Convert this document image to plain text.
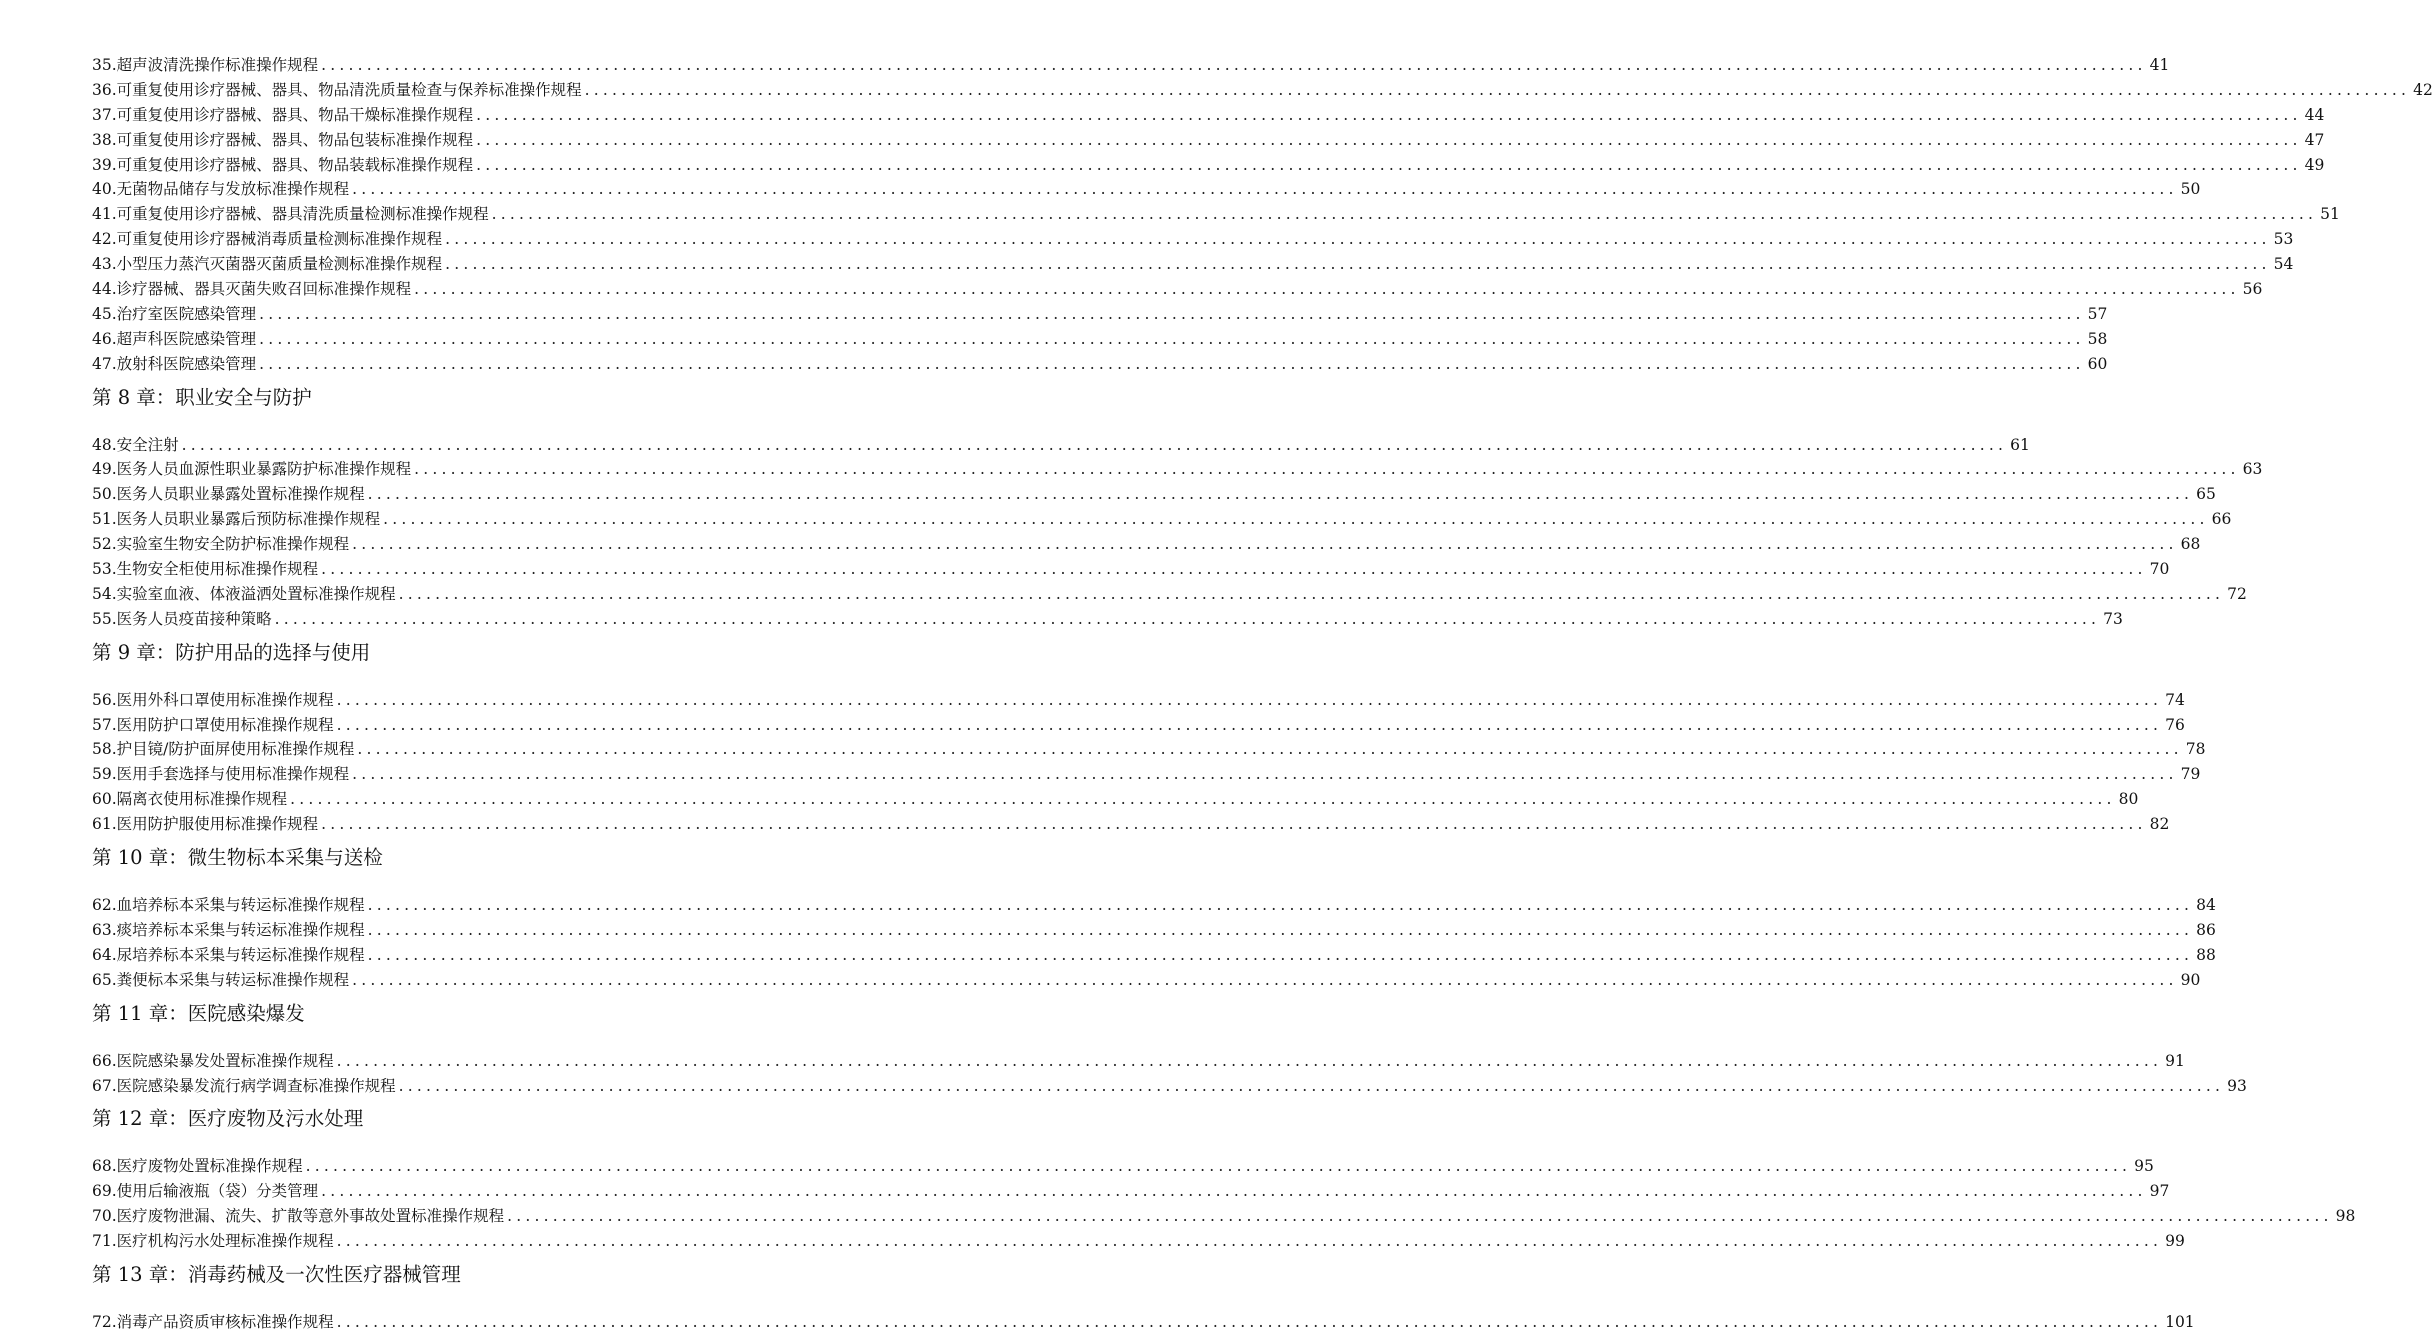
35. 超声波清洗操作标准操作规程 ........................................................................................................................................................................................................ 41
36. 可重复使用诊疗器械、器具、物品清洗质量检查与保养标准操作规程 ........................................................................................................................................................................................................ 42
37. 可重复使用诊疗器械、器具、物品干燥标准操作规程 ........................................................................................................................................................................................................ 44
38. 可重复使用诊疗器械、器具、物品包装标准操作规程 ........................................................................................................................................................................................................ 47
39. 可重复使用诊疗器械、器具、物品装载标准操作规程 ........................................................................................................................................................................................................ 49
40. 无菌物品储存与发放标准操作规程 ........................................................................................................................................................................................................ 50
41. 可重复使用诊疗器械、器具清洗质量检测标准操作规程 ........................................................................................................................................................................................................ 51
42. 可重复使用诊疗器械消毒质量检测标准操作规程 ........................................................................................................................................................................................................ 53
43. 小型压力蒸汽灭菌器灭菌质量检测标准操作规程 ........................................................................................................................................................................................................ 54
44. 诊疗器械、器具灭菌失败召回标准操作规程 ........................................................................................................................................................................................................ 56
45. 治疗室医院感染管理 ........................................................................................................................................................................................................ 57
46. 超声科医院感染管理 ........................................................................................................................................................................................................ 58
47. 放射科医院感染管理 ........................................................................................................................................................................................................ 60
第 8 章：职业安全与防护
48. 安全注射 ........................................................................................................................................................................................................ 61
49. 医务人员血源性职业暴露防护标准操作规程 ........................................................................................................................................................................................................ 63
50. 医务人员职业暴露处置标准操作规程 ........................................................................................................................................................................................................ 65
51. 医务人员职业暴露后预防标准操作规程 ........................................................................................................................................................................................................ 66
52. 实验室生物安全防护标准操作规程 ........................................................................................................................................................................................................ 68
53. 生物安全柜使用标准操作规程 ........................................................................................................................................................................................................ 70
54. 实验室血液、体液溢洒处置标准操作规程 ........................................................................................................................................................................................................ 72
55. 医务人员疫苗接种策略 ........................................................................................................................................................................................................ 73
第 9 章：防护用品的选择与使用
56. 医用外科口罩使用标准操作规程 ........................................................................................................................................................................................................ 74
57. 医用防护口罩使用标准操作规程 ........................................................................................................................................................................................................ 76
58. 护目镜/防护面屏使用标准操作规程 ........................................................................................................................................................................................................ 78
59. 医用手套选择与使用标准操作规程 ........................................................................................................................................................................................................ 79
60. 隔离衣使用标准操作规程 ........................................................................................................................................................................................................ 80
61. 医用防护服使用标准操作规程 ........................................................................................................................................................................................................ 82
第 10 章：微生物标本采集与送检
62. 血培养标本采集与转运标准操作规程 ........................................................................................................................................................................................................ 84
63. 痰培养标本采集与转运标准操作规程 ........................................................................................................................................................................................................ 86
64. 尿培养标本采集与转运标准操作规程 ........................................................................................................................................................................................................ 88
65. 粪便标本采集与转运标准操作规程 ........................................................................................................................................................................................................ 90
第 11 章：医院感染爆发
66. 医院感染暴发处置标准操作规程 ........................................................................................................................................................................................................ 91
67. 医院感染暴发流行病学调查标准操作规程 ........................................................................................................................................................................................................ 93
第 12 章：医疗废物及污水处理
68. 医疗废物处置标准操作规程 ........................................................................................................................................................................................................ 95
69. 使用后输液瓶（袋）分类管理 ........................................................................................................................................................................................................ 97
70. 医疗废物泄漏、流失、扩散等意外事故处置标准操作规程 ........................................................................................................................................................................................................ 98
71. 医疗机构污水处理标准操作规程 ........................................................................................................................................................................................................ 99
第 13 章：消毒药械及一次性医疗器械管理
72. 消毒产品资质审核标准操作规程 ........................................................................................................................................................................................................ 101
